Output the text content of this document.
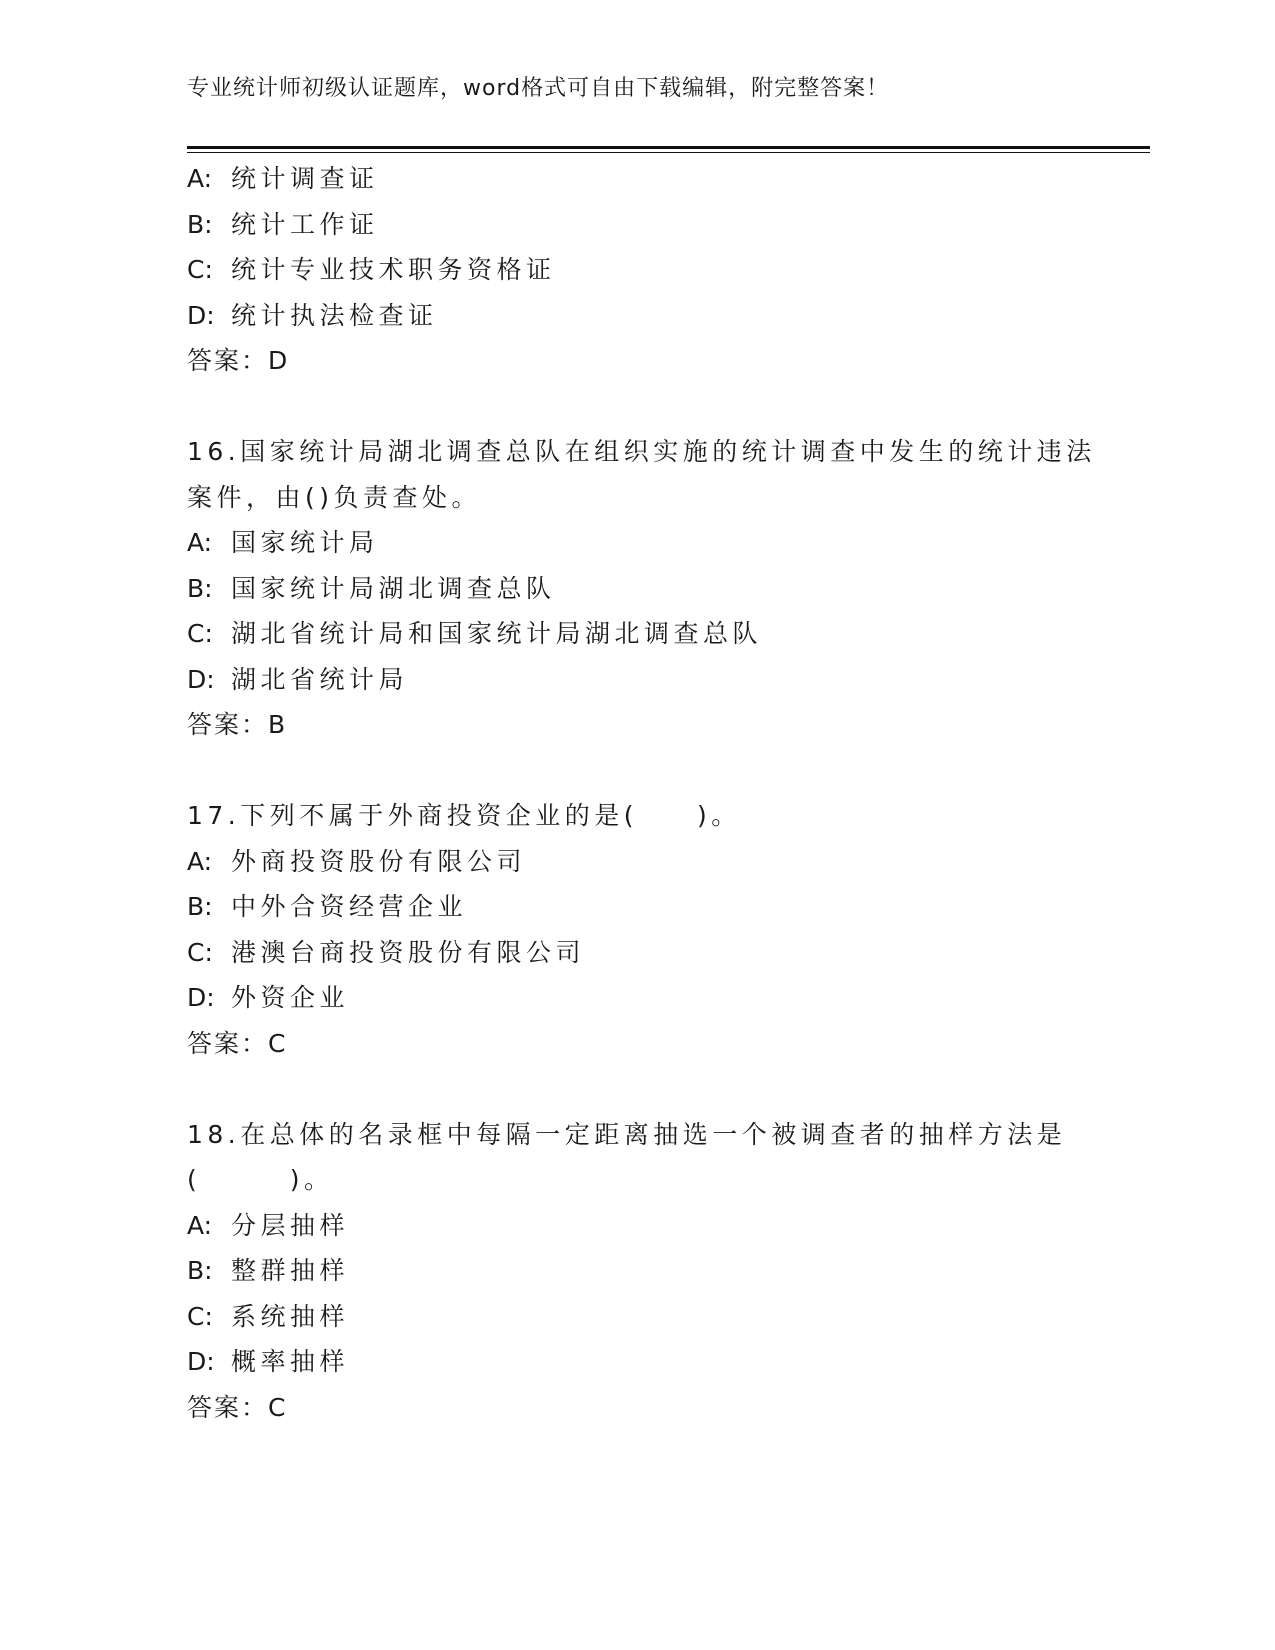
专业统计师初级认证题库，word格式可自由下载编辑，附完整答案！
A: 统计调查证
B: 统计工作证
C: 统计专业技术职务资格证
D: 统计执法检查证
答案：D
16.国家统计局湖北调查总队在组织实施的统计调查中发生的统计违法
案件，由()负责查处。
A: 国家统计局
B: 国家统计局湖北调查总队
C: 湖北省统计局和国家统计局湖北调查总队
D: 湖北省统计局
答案：B
17.下列不属于外商投资企业的是(　　)。
A: 外商投资股份有限公司
B: 中外合资经营企业
C: 港澳台商投资股份有限公司
D: 外资企业
答案：C
18.在总体的名录框中每隔一定距离抽选一个被调查者的抽样方法是
(　　　)。
A: 分层抽样
B: 整群抽样
C: 系统抽样
D: 概率抽样
答案：C
